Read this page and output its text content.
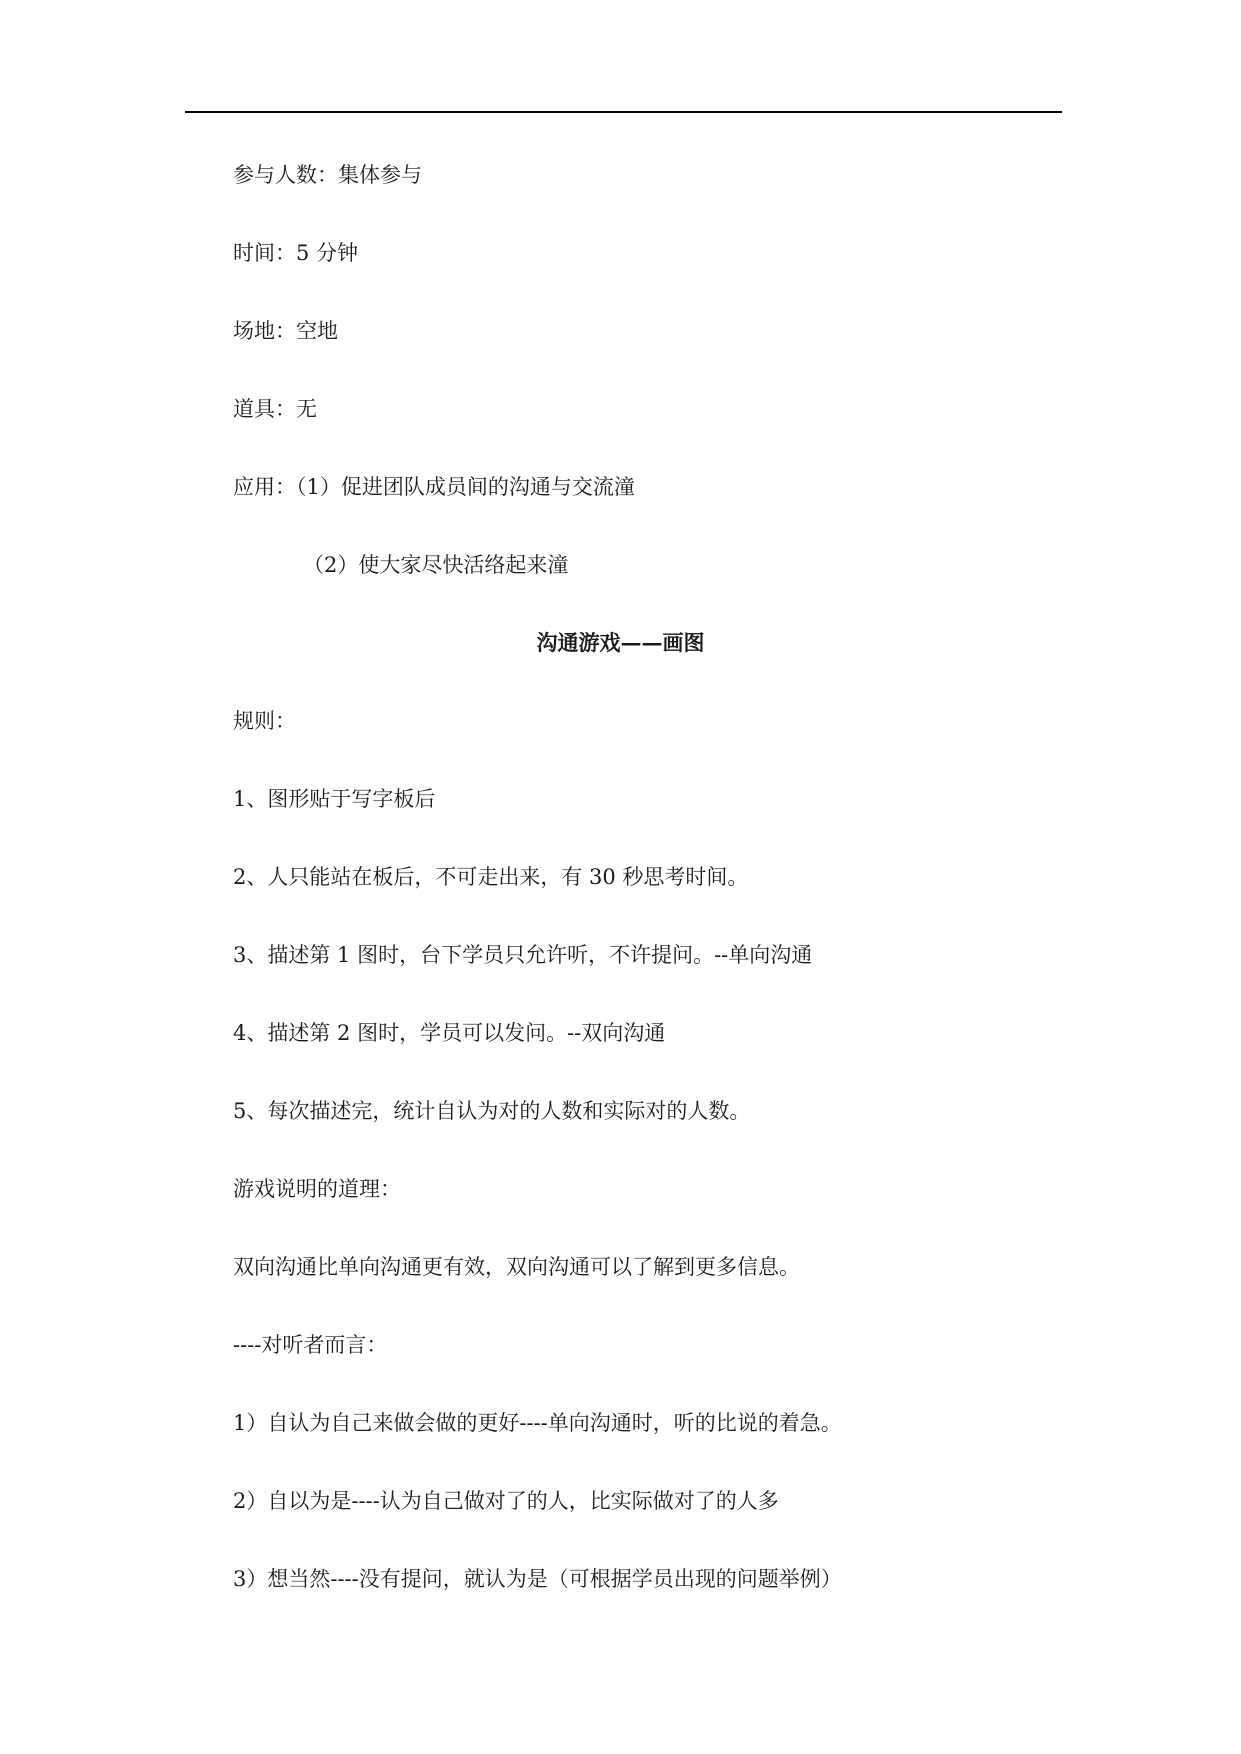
参与人数：集体参与
时间：5 分钟
场地：空地
道具：无
应用：（1）促进团队成员间的沟通与交流潼
（2）使大家尽快活络起来潼
沟通游戏——画图
规则：
1、图形贴于写字板后
2、人只能站在板后，不可走出来，有 30 秒思考时间。
3、描述第 1 图时，台下学员只允许听，不许提问。--单向沟通
4、描述第 2 图时，学员可以发问。--双向沟通
5、每次描述完，统计自认为对的人数和实际对的人数。
游戏说明的道理：
双向沟通比单向沟通更有效，双向沟通可以了解到更多信息。
----对听者而言：
1）自认为自己来做会做的更好----单向沟通时，听的比说的着急。
2）自以为是----认为自己做对了的人，比实际做对了的人多
3）想当然----没有提问，就认为是（可根据学员出现的问题举例）
